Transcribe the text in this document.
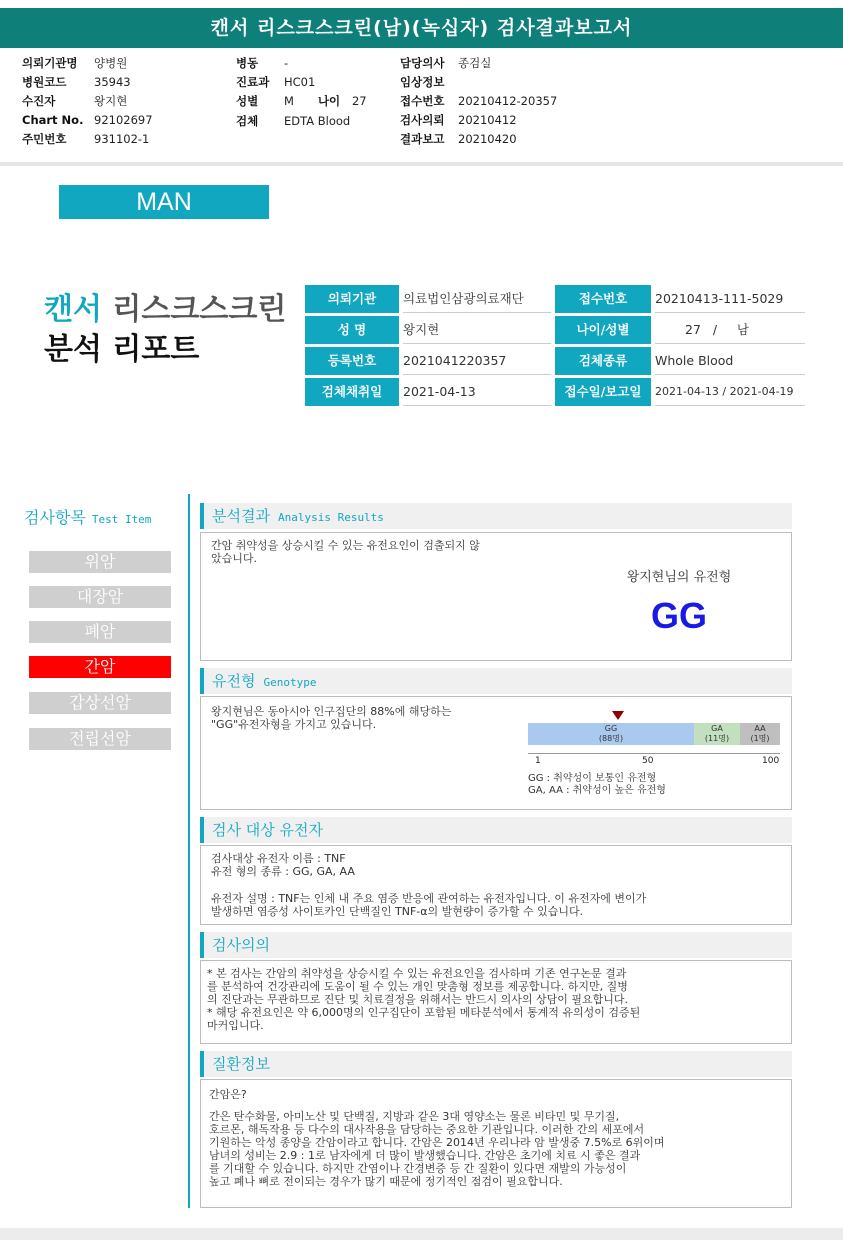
캔서 리스크스크린(남)(녹십자) 검사결과보고서
의뢰기관명 양병원
병원코드 35943
수진자	왕지현
Chart No. 92102697
주민번호 931102-1
병동 -
진료과 HC01
성별 M 나이 27
검체 EDTA Blood
담당의사 종검실
임상정보
접수번호 20210412-20357
검사의뢰 20210412
결과보고 20210420
MAN
캔서 리스크스크린
분석 리포트
의뢰기관	의료법인삼광의료재단	접수번호	20210413-111-5029
성 명	왕지현	나이/성별	27   /     남
등록번호	2021041220357	검체종류	Whole Blood
검체채취일	2021-04-13	접수일/보고일	2021-04-13 / 2021-04-19
검사항목 Test Item
위암
대장암
폐암
간암
갑상선암
전립선암
분석결과 Analysis Results
간암 취약성을 상승시킬 수 있는 유전요인이 검출되지 않
았습니다.
왕지현님의 유전형
GG
유전형 Genotype
왕지현님은 동아시아 인구집단의 88%에 해당하는
"GG"유전자형을 가지고 있습니다.	GG
(88명)
GA
(11명)
AA
(1명)
1	50	100
GG : 취약성이 보통인 유전형
GA, AA : 취약성이 높은 유전형
검사 대상 유전자
검사대상 유전자 이름 : TNF
유전 형의 종류 : GG, GA, AA
유전자 설명 : TNF는 인체 내 주요 염증 반응에 관여하는 유전자입니다. 이 유전자에 변이가
발생하면 염증성 사이토카인 단백질인 TNF-α의 발현량이 증가할 수 있습니다.
검사의의
* 본 검사는 간암의 취약성을 상승시킬 수 있는 유전요인을 검사하며 기존 연구논문 결과
를 분석하여 건강관리에 도움이 될 수 있는 개인 맞춤형 정보를 제공합니다. 하지만, 질병
의 진단과는 무관하므로 진단 및 치료결정을 위해서는 반드시 의사의 상담이 필요합니다.
* 해당 유전요인은 약 6,000명의 인구집단이 포함된 메타분석에서 통계적 유의성이 검증된
마커입니다.
질환정보
간암은?
간은 탄수화물, 아미노산 및 단백질, 지방과 같은 3대 영양소는 물론 비타민 및 무기질,
호르몬, 해독작용 등 다수의 대사작용을 담당하는 중요한 기관입니다. 이러한 간의 세포에서
기원하는 악성 종양을 간암이라고 합니다. 간암은 2014년 우리나라 암 발생중 7.5%로 6위이며
남녀의 성비는 2.9 : 1로 남자에게 더 많이 발생했습니다. 간암은 초기에 치료 시 좋은 결과
를 기대할 수 있습니다. 하지만 간염이나 간경변증 등 간 질환이 있다면 재발의 가능성이
높고 폐나 뼈로 전이되는 경우가 많기 때문에 정기적인 점검이 필요합니다.
